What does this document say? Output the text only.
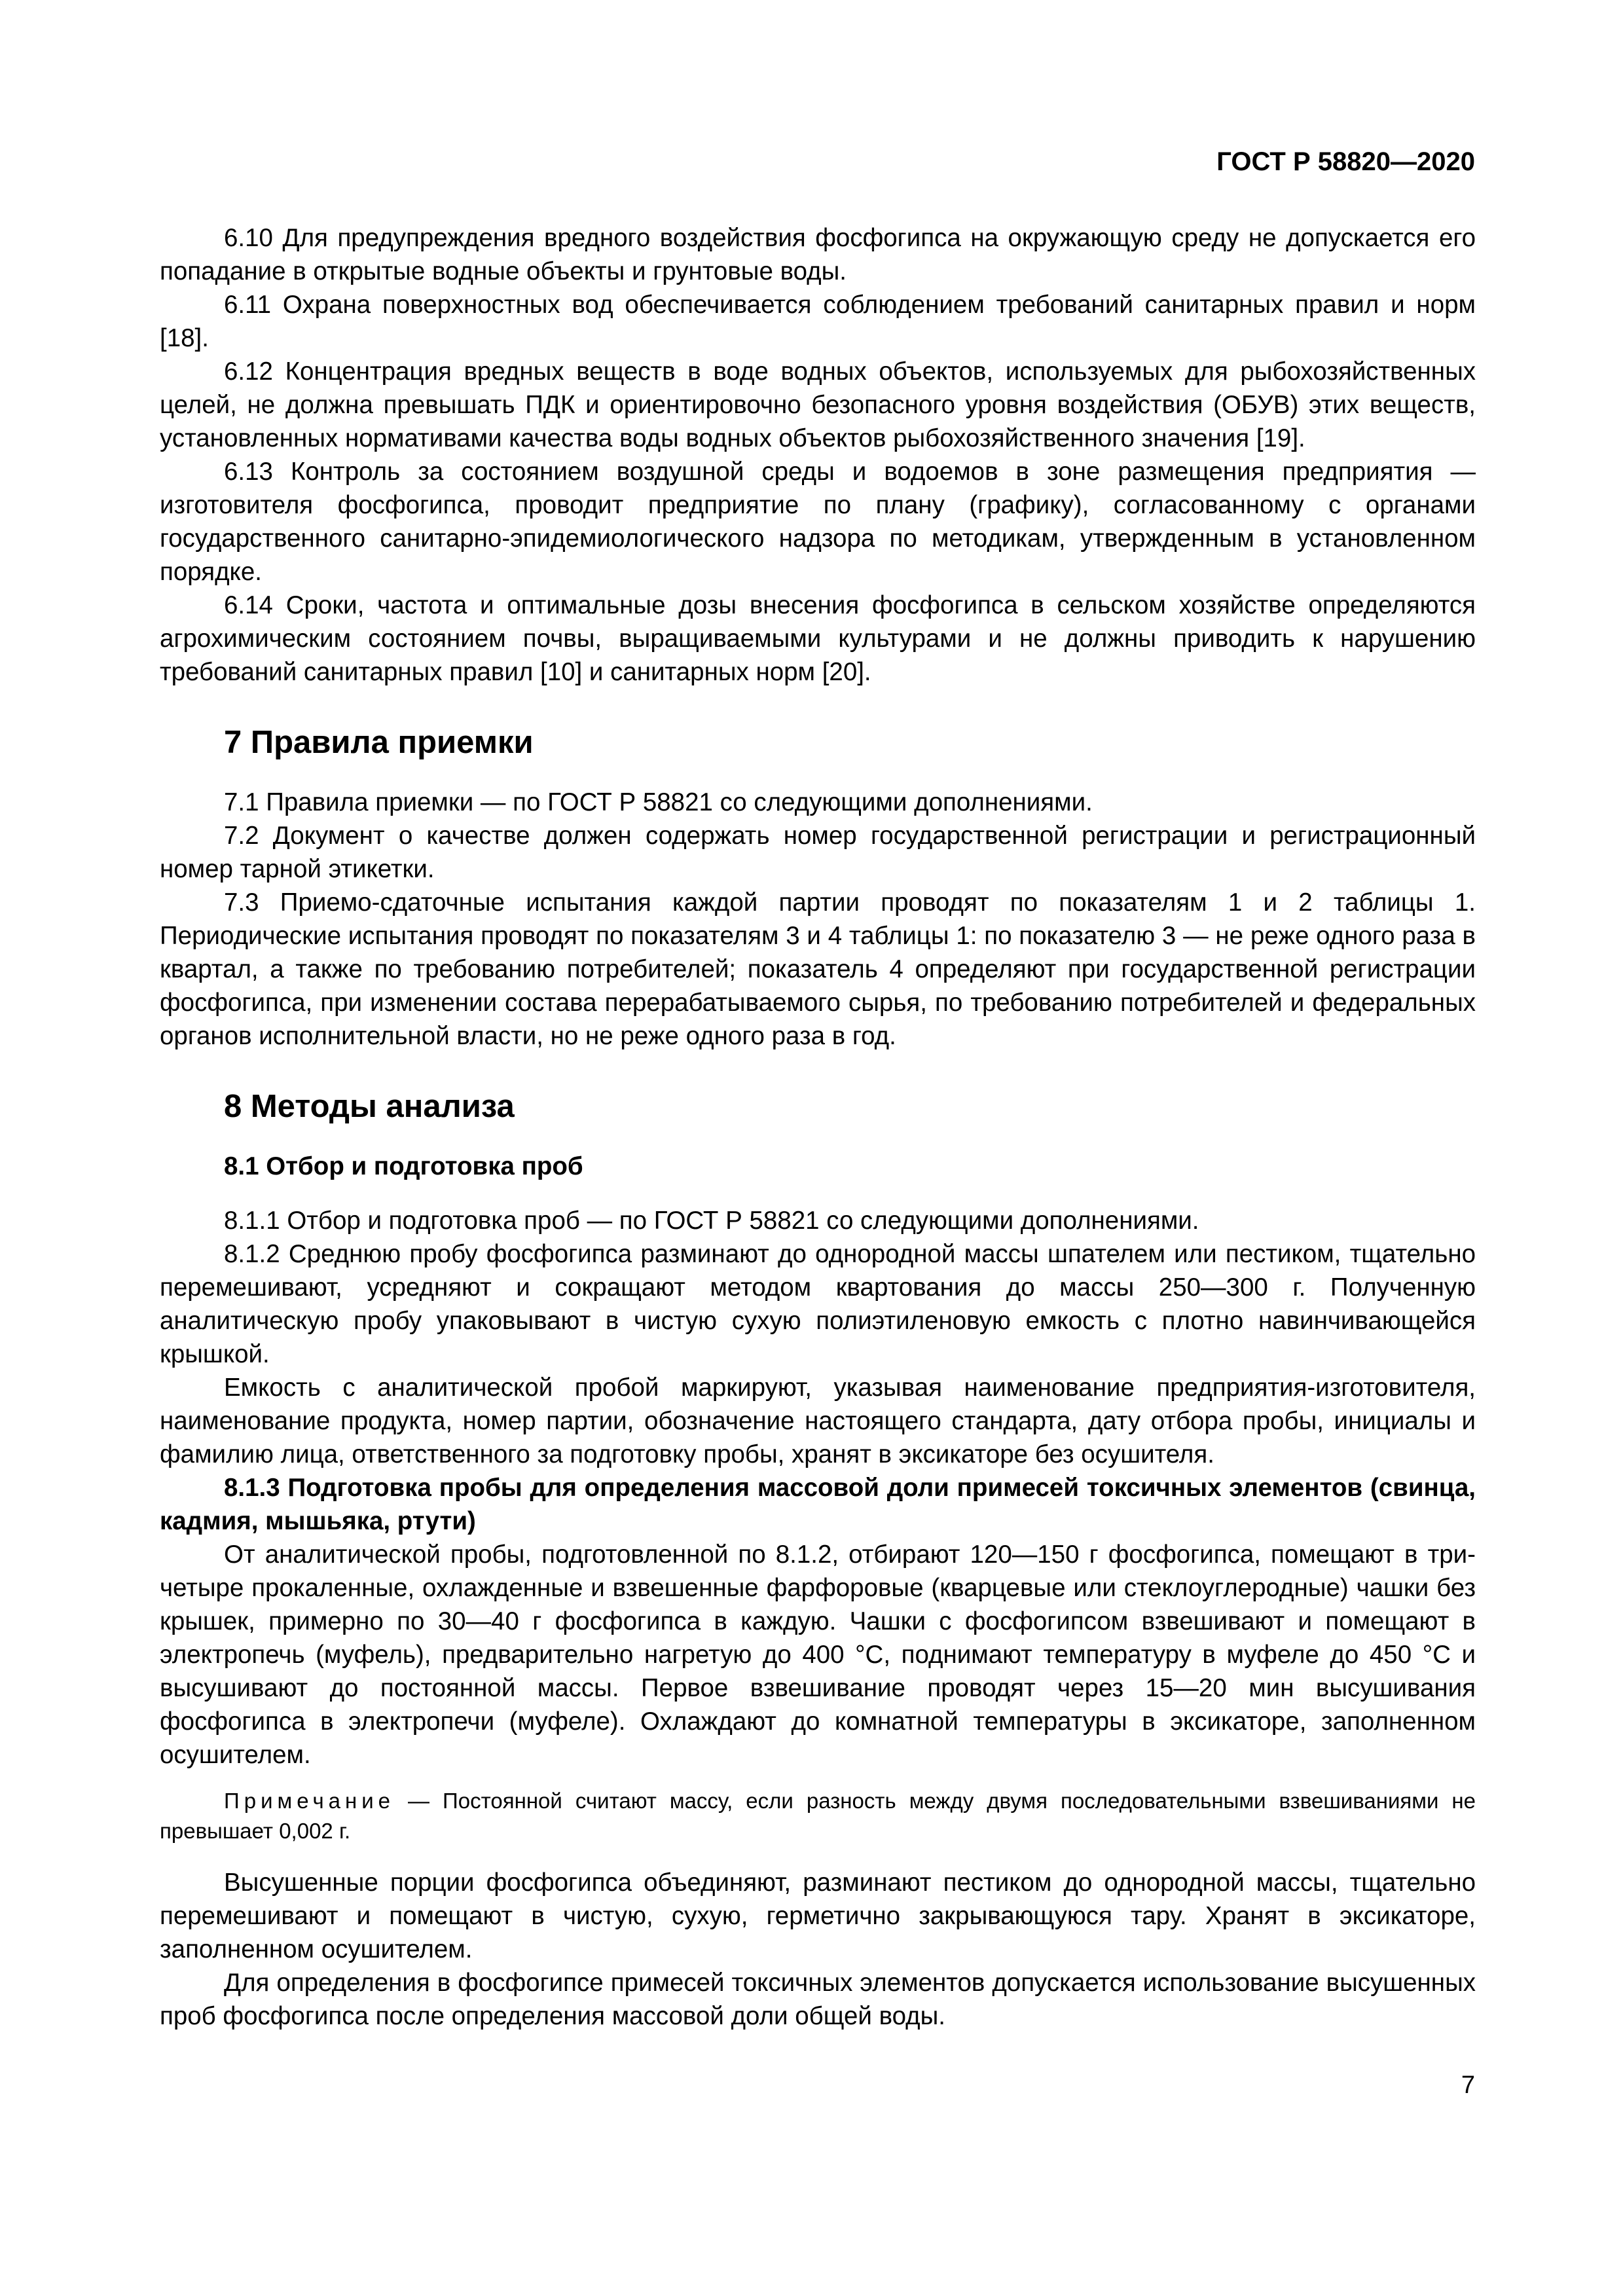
ГОСТ Р 58820—2020

6.10 Для предупреждения вредного воздействия фосфогипса на окружающую среду не допускается его попадание в открытые водные объекты и грунтовые воды.

6.11 Охрана поверхностных вод обеспечивается соблюдением требований санитарных правил и норм [18].

6.12 Концентрация вредных веществ в воде водных объектов, используемых для рыбохозяйственных целей, не должна превышать ПДК и ориентировочно безопасного уровня воздействия (ОБУВ) этих веществ, установленных нормативами качества воды водных объектов рыбохозяйственного значения [19].

6.13 Контроль за состоянием воздушной среды и водоемов в зоне размещения предприятия — изготовителя фосфогипса, проводит предприятие по плану (графику), согласованному с органами государственного санитарно-эпидемиологического надзора по методикам, утвержденным в установленном порядке.

6.14 Сроки, частота и оптимальные дозы внесения фосфогипса в сельском хозяйстве определяются агрохимическим состоянием почвы, выращиваемыми культурами и не должны приводить к нарушению требований санитарных правил [10] и санитарных норм [20].

7 Правила приемки

7.1 Правила приемки — по ГОСТ Р 58821 со следующими дополнениями.

7.2 Документ о качестве должен содержать номер государственной регистрации и регистрационный номер тарной этикетки.

7.3 Приемо-сдаточные испытания каждой партии проводят по показателям 1 и 2 таблицы 1. Периодические испытания проводят по показателям 3 и 4 таблицы 1: по показателю 3 — не реже одного раза в квартал, а также по требованию потребителей; показатель 4 определяют при государственной регистрации фосфогипса, при изменении состава перерабатываемого сырья, по требованию потребителей и федеральных органов исполнительной власти, но не реже одного раза в год.

8 Методы анализа
8.1 Отбор и подготовка проб

8.1.1 Отбор и подготовка проб — по ГОСТ Р 58821 со следующими дополнениями.

8.1.2 Среднюю пробу фосфогипса разминают до однородной массы шпателем или пестиком, тщательно перемешивают, усредняют и сокращают методом квартования до массы 250—300 г. Полученную аналитическую пробу упаковывают в чистую сухую полиэтиленовую емкость с плотно навинчивающейся крышкой.

Емкость с аналитической пробой маркируют, указывая наименование предприятия-изготовителя, наименование продукта, номер партии, обозначение настоящего стандарта, дату отбора пробы, инициалы и фамилию лица, ответственного за подготовку пробы, хранят в эксикаторе без осушителя.

8.1.3 Подготовка пробы для определения массовой доли примесей токсичных элементов (свинца, кадмия, мышьяка, ртути)

От аналитической пробы, подготовленной по 8.1.2, отбирают 120—150 г фосфогипса, помещают в три-четыре прокаленные, охлажденные и взвешенные фарфоровые (кварцевые или стеклоуглеродные) чашки без крышек, примерно по 30—40 г фосфогипса в каждую. Чашки с фосфогипсом взвешивают и помещают в электропечь (муфель), предварительно нагретую до 400 °С, поднимают температуру в муфеле до 450 °С и высушивают до постоянной массы. Первое взвешивание проводят через 15—20 мин высушивания фосфогипса в электропечи (муфеле). Охлаждают до комнатной температуры в эксикаторе, заполненном осушителем.

Примечание — Постоянной считают массу, если разность между двумя последовательными взвешиваниями не превышает 0,002 г.

Высушенные порции фосфогипса объединяют, разминают пестиком до однородной массы, тщательно перемешивают и помещают в чистую, сухую, герметично закрывающуюся тару. Хранят в эксикаторе, заполненном осушителем.

Для определения в фосфогипсе примесей токсичных элементов допускается использование высушенных проб фосфогипса после определения массовой доли общей воды.

7
